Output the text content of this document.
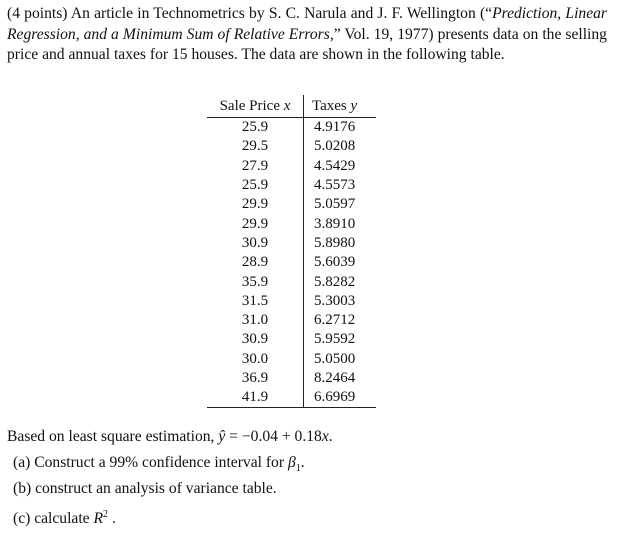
(4 points) An article in Technometrics by S. C. Narula and J. F. Wellington (“Prediction, Linear Regression, and a Minimum Sum of Relative Errors,” Vol. 19, 1977) presents data on the selling price and annual taxes for 15 houses. The data are shown in the following table.

Sale Price x	Taxes y
25.9	4.9176
29.5	5.0208
27.9	4.5429
25.9	4.5573
29.9	5.0597
29.9	3.8910
30.9	5.8980
28.9	5.6039
35.9	5.8282
31.5	5.3003
31.0	6.2712
30.9	5.9592
30.0	5.0500
36.9	8.2464
41.9	6.6969

Based on least square estimation, ŷ = −0.04 + 0.18x.

(a) Construct a 99% confidence interval for $\beta_1$.

(b) construct an analysis of variance table.

(c) calculate $R^2$ .
